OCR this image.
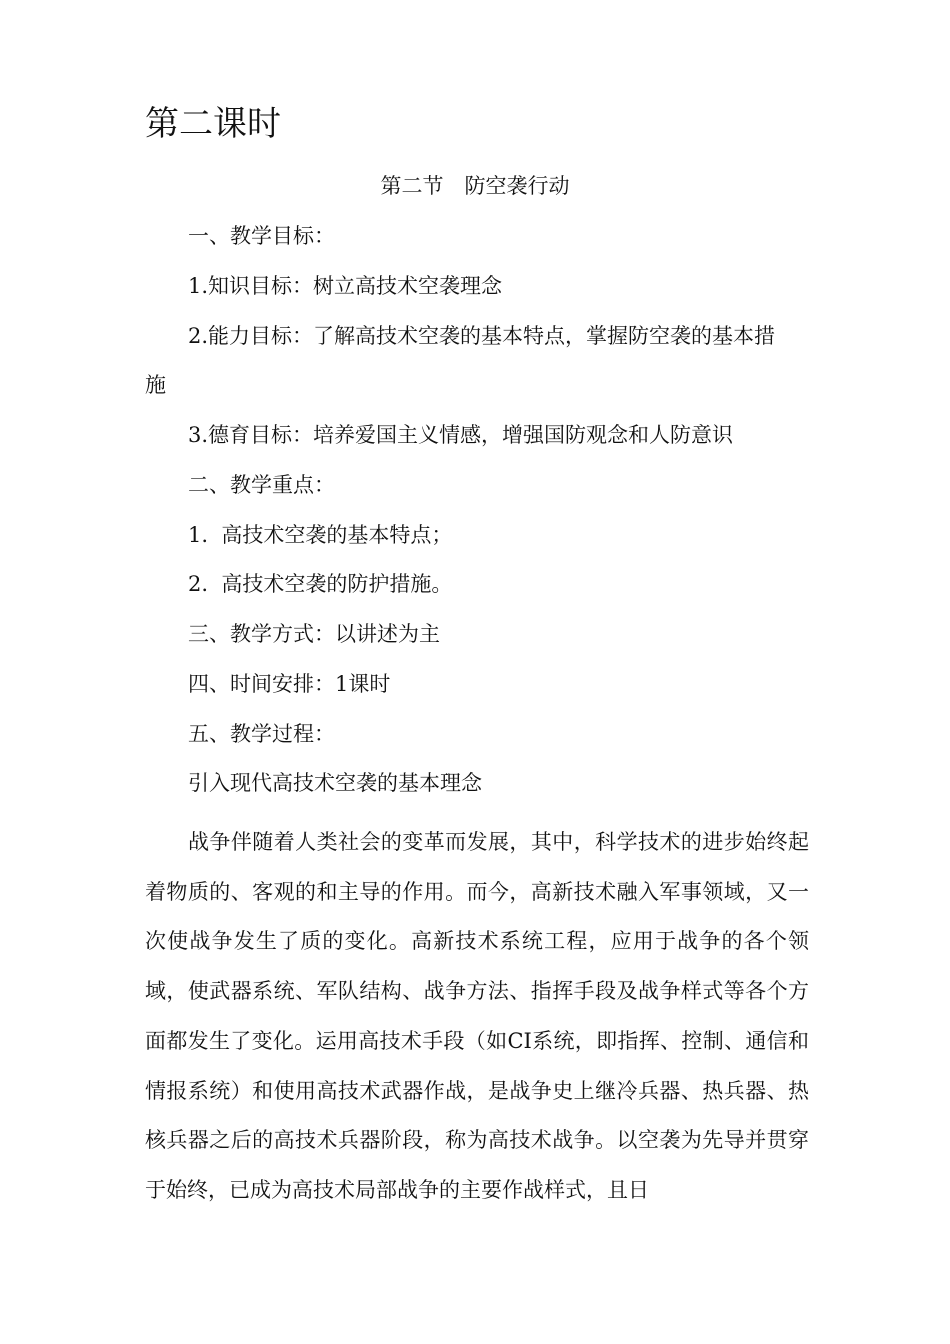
第二课时
第二节　防空袭行动

一、教学目标：

1.知识目标：树立高技术空袭理念

2.能力目标：了解高技术空袭的基本特点，掌握防空袭的基本措

施

3.德育目标：培养爱国主义情感，增强国防观念和人防意识

二、教学重点：

1.  高技术空袭的基本特点；

2.  高技术空袭的防护措施。

三、教学方式：以讲述为主

四、时间安排：1课时

五、教学过程：

引入现代高技术空袭的基本理念

战争伴随着人类社会的变革而发展，其中，科学技术的进步始终起着物质的、客观的和主导的作用。而今，高新技术融入军事领域，又一次使战争发生了质的变化。高新技术系统工程，应用于战争的各个领域，使武器系统、军队结构、战争方法、指挥手段及战争样式等各个方面都发生了变化。运用高技术手段（如CI系统，即指挥、控制、通信和情报系统）和使用高技术武器作战，是战争史上继冷兵器、热兵器、热核兵器之后的高技术兵器阶段，称为高技术战争。以空袭为先导并贯穿于始终，已成为高技术局部战争的主要作战样式，且日
